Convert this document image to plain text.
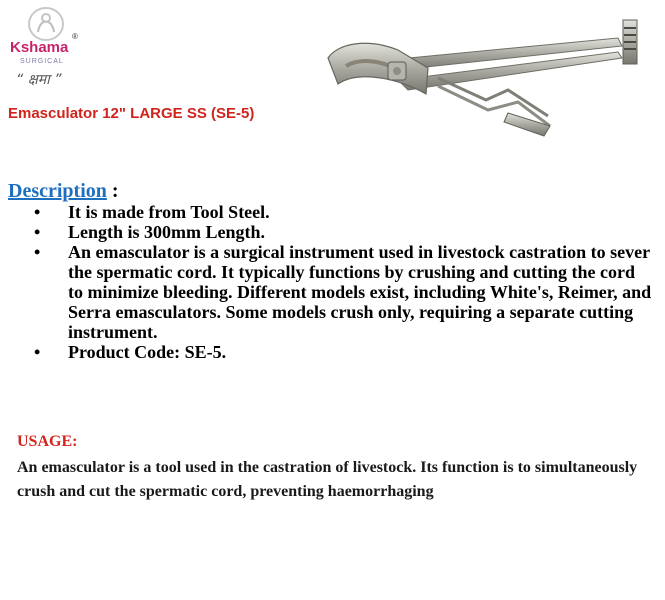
Kshama
®
SURGICAL
“ क्षमा ”
Emasculator 12" LARGE SS (SE-5)
Description :
• It is made from Tool Steel.
• Length is 300mm Length.
• An emasculator is a surgical instrument used in livestock castration to sever the spermatic cord. It typically functions by crushing and cutting the cord to minimize bleeding. Different models exist, including White's, Reimer, and Serra emasculators. Some models crush only, requiring a separate cutting instrument.
• Product Code: SE-5.
USAGE:
An emasculator is a tool used in the castration of livestock. Its function is to simultaneously crush and cut the spermatic cord, preventing haemorrhaging
